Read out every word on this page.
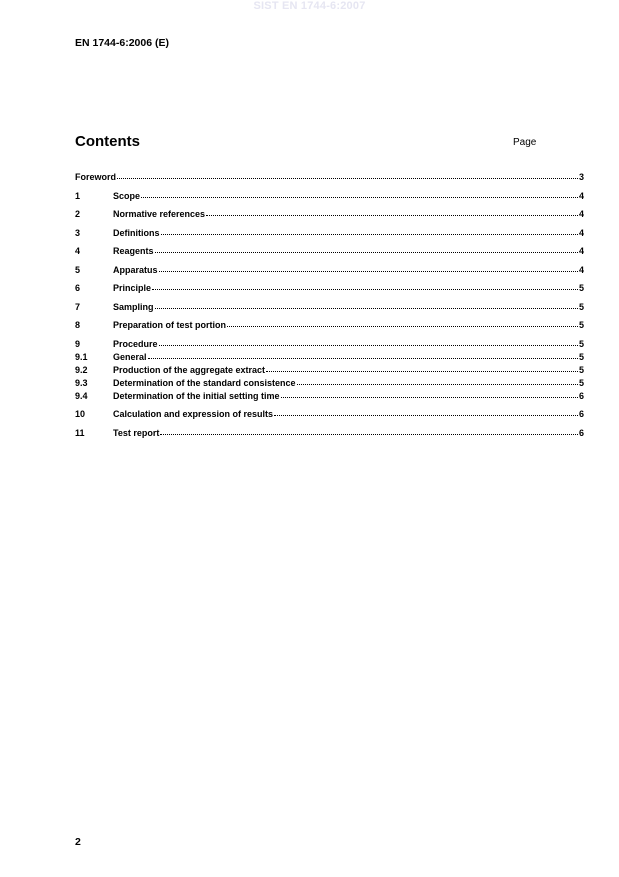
SIST EN 1744-6:2007
EN 1744-6:2006 (E)
Contents	Page
Foreword	3
1	Scope	4
2	Normative references	4
3	Definitions	4
4	Reagents	4
5	Apparatus	4
6	Principle	5
7	Sampling	5
8	Preparation of test portion	5
9	Procedure	5
9.1	General	5
9.2	Production of the aggregate extract	5
9.3	Determination of the standard consistence	5
9.4	Determination of the initial setting time	6
10	Calculation and expression of results	6
11	Test report	6
2
